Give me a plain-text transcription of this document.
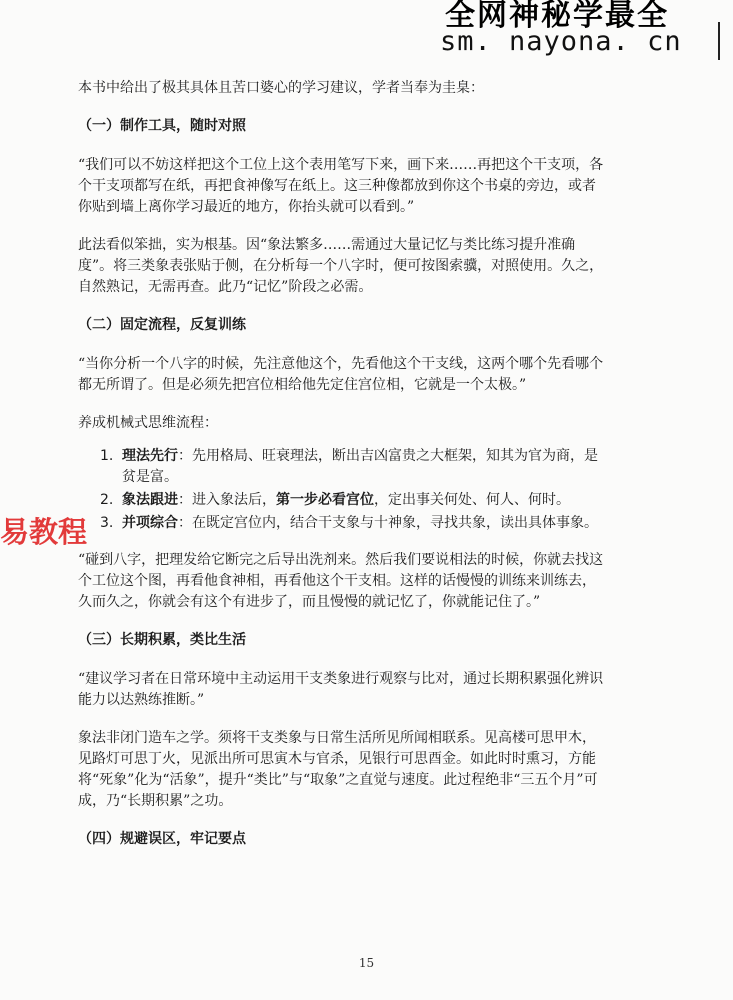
全网神秘学最全
sm. nayona. cn
易教程

本书中给出了极其具体且苦口婆心的学习建议，学者当奉为圭臬：

（一）制作工具，随时对照

“我们可以不妨这样把这个工位上这个表用笔写下来，画下来……再把这个干支项，各个干支项都写在纸，再把食神像写在纸上。这三种像都放到你这个书桌的旁边，或者你贴到墙上离你学习最近的地方，你抬头就可以看到。”

此法看似笨拙，实为根基。因“象法繁多……需通过大量记忆与类比练习提升准确度”。将三类象表张贴于侧，在分析每一个八字时，便可按图索骥，对照使用。久之，自然熟记，无需再查。此乃“记忆”阶段之必需。

（二）固定流程，反复训练

“当你分析一个八字的时候，先注意他这个，先看他这个干支线，这两个哪个先看哪个都无所谓了。但是必须先把宫位相给他先定住宫位相，它就是一个太极。”

养成机械式思维流程：

1. 理法先行：先用格局、旺衰理法，断出吉凶富贵之大框架，知其为官为商，是贫是富。
2. 象法跟进：进入象法后，第一步必看宫位，定出事关何处、何人、何时。
3. 并项综合：在既定宫位内，结合干支象与十神象，寻找共象，读出具体事象。

“碰到八字，把理发给它断完之后导出洗剂来。然后我们要说相法的时候，你就去找这个工位这个图，再看他食神相，再看他这个干支相。这样的话慢慢的训练来训练去，久而久之，你就会有这个有进步了，而且慢慢的就记忆了，你就能记住了。”

（三）长期积累，类比生活

“建议学习者在日常环境中主动运用干支类象进行观察与比对，通过长期积累强化辨识能力以达熟练推断。”

象法非闭门造车之学。须将干支类象与日常生活所见所闻相联系。见高楼可思甲木，见路灯可思丁火，见派出所可思寅木与官杀，见银行可思酉金。如此时时熏习，方能将“死象”化为“活象”，提升“类比”与“取象”之直觉与速度。此过程绝非“三五个月”可成，乃“长期积累”之功。

（四）规避误区，牢记要点

15
